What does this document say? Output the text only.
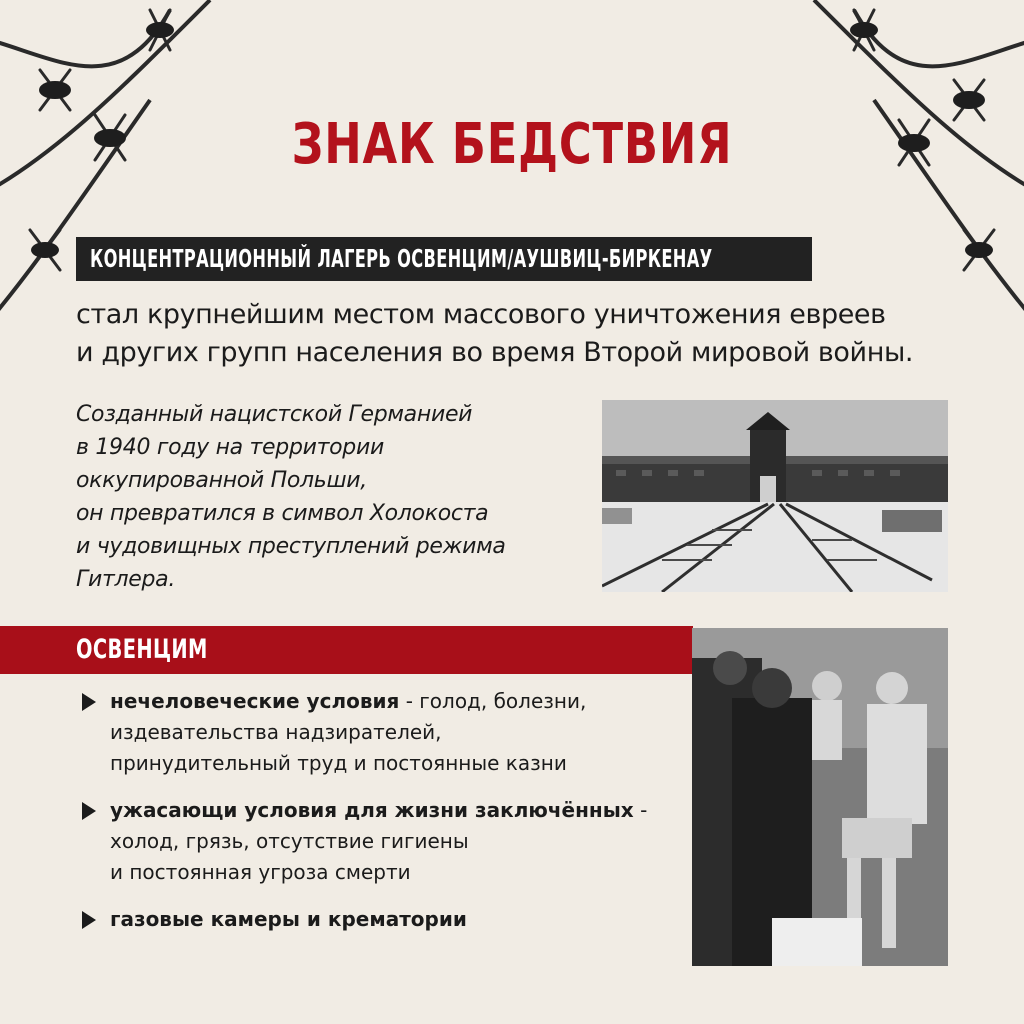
ЗНАК БЕДСТВИЯ
КОНЦЕНТРАЦИОННЫЙ ЛАГЕРЬ ОСВЕНЦИМ/АУШВИЦ-БИРКЕНАУ
стал крупнейшим местом массового уничтожения евреев
и других групп населения во время Второй мировой войны.
Созданный нацистской Германией
в 1940 году на территории
оккупированной Польши,
он превратился в символ Холокоста
и чудовищных преступлений режима
Гитлера.
ОСВЕНЦИМ
нечеловеческие условия - голод, болезни,
издевательства надзирателей,
принудительный труд и постоянные казни
ужасающи условия для жизни заключённых -
холод, грязь, отсутствие гигиены
и постоянная угроза смерти
газовые камеры и крематории
